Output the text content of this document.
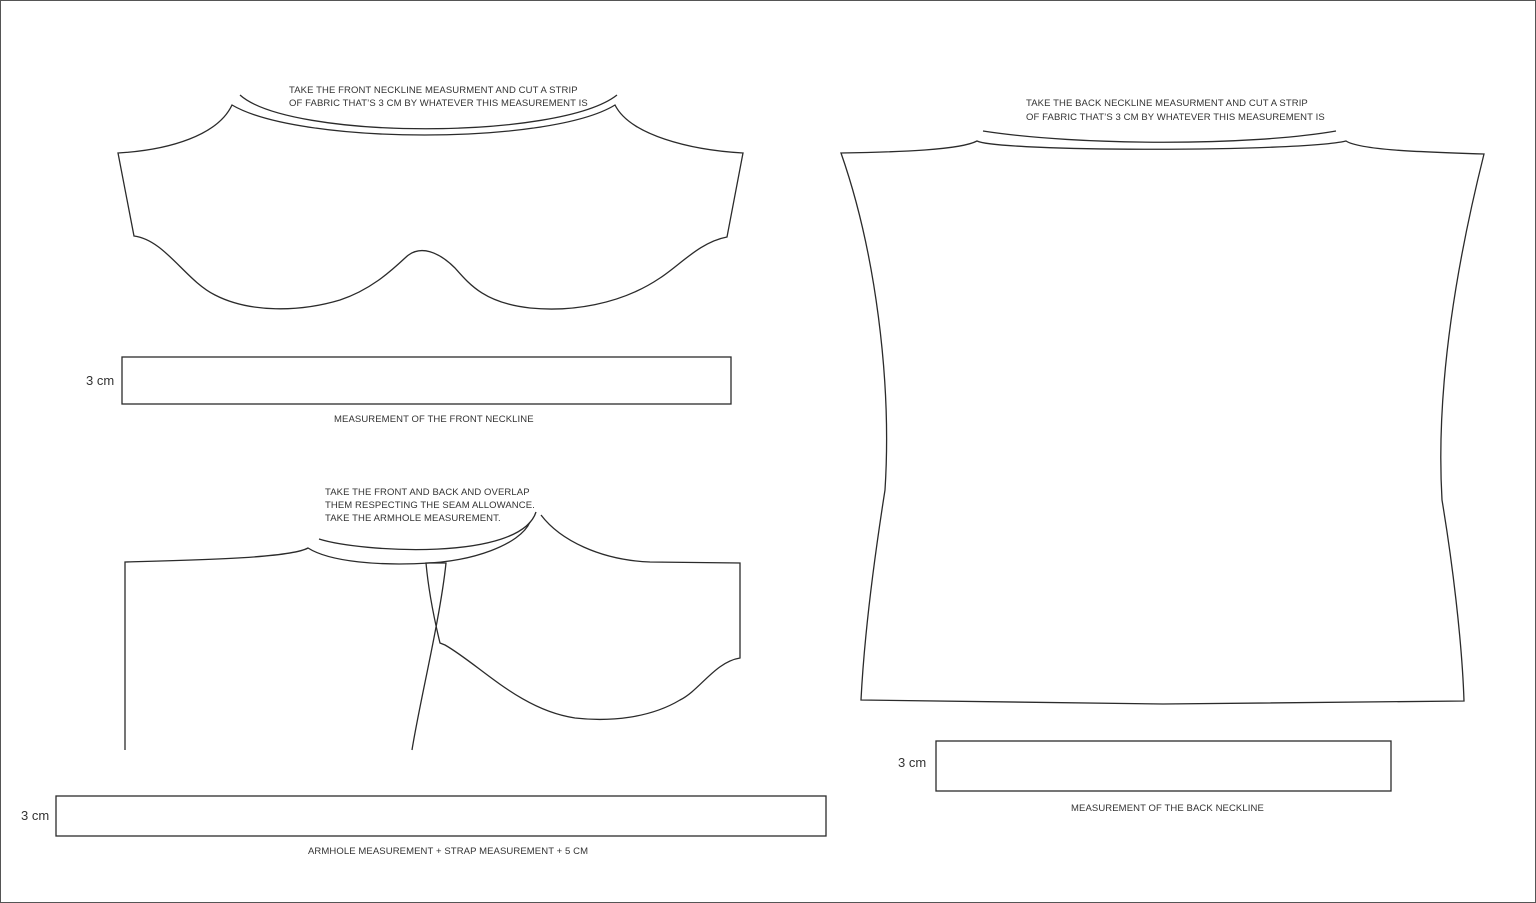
TAKE THE FRONT NECKLINE MEASURMENT AND CUT A STRIP
OF FABRIC THAT’S 3 CM BY WHATEVER THIS MEASUREMENT IS
3 cm
MEASUREMENT OF THE FRONT NECKLINE
TAKE THE FRONT AND BACK AND OVERLAP
THEM RESPECTING THE SEAM ALLOWANCE.
TAKE THE ARMHOLE MEASUREMENT.
3 cm
ARMHOLE MEASUREMENT + STRAP MEASUREMENT + 5 CM
TAKE THE BACK NECKLINE MEASURMENT AND CUT A STRIP
OF FABRIC THAT’S 3 CM BY WHATEVER THIS MEASUREMENT IS
3 cm
MEASUREMENT OF THE BACK NECKLINE
